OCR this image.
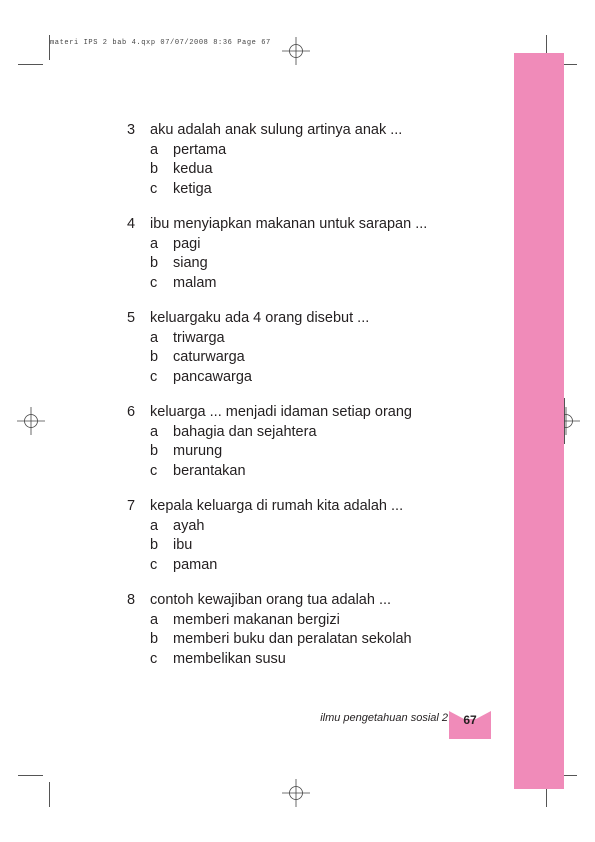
materi IPS 2 bab 4.qxp 07/07/2008 8:36 Page 67
3 aku adalah anak sulung artinya anak ...
a pertama
b kedua
c ketiga
4 ibu menyiapkan makanan untuk sarapan ...
a pagi
b siang
c malam
5 keluargaku ada 4 orang disebut ...
a triwarga
b caturwarga
c pancawarga
6 keluarga ... menjadi idaman setiap orang
a bahagia dan sejahtera
b murung
c berantakan
7 kepala keluarga di rumah kita adalah ...
a ayah
b ibu
c paman
8 contoh kewajiban orang tua adalah ...
a memberi makanan bergizi
b memberi buku dan peralatan sekolah
c membelikan susu
ilmu pengetahuan sosial 2	67
